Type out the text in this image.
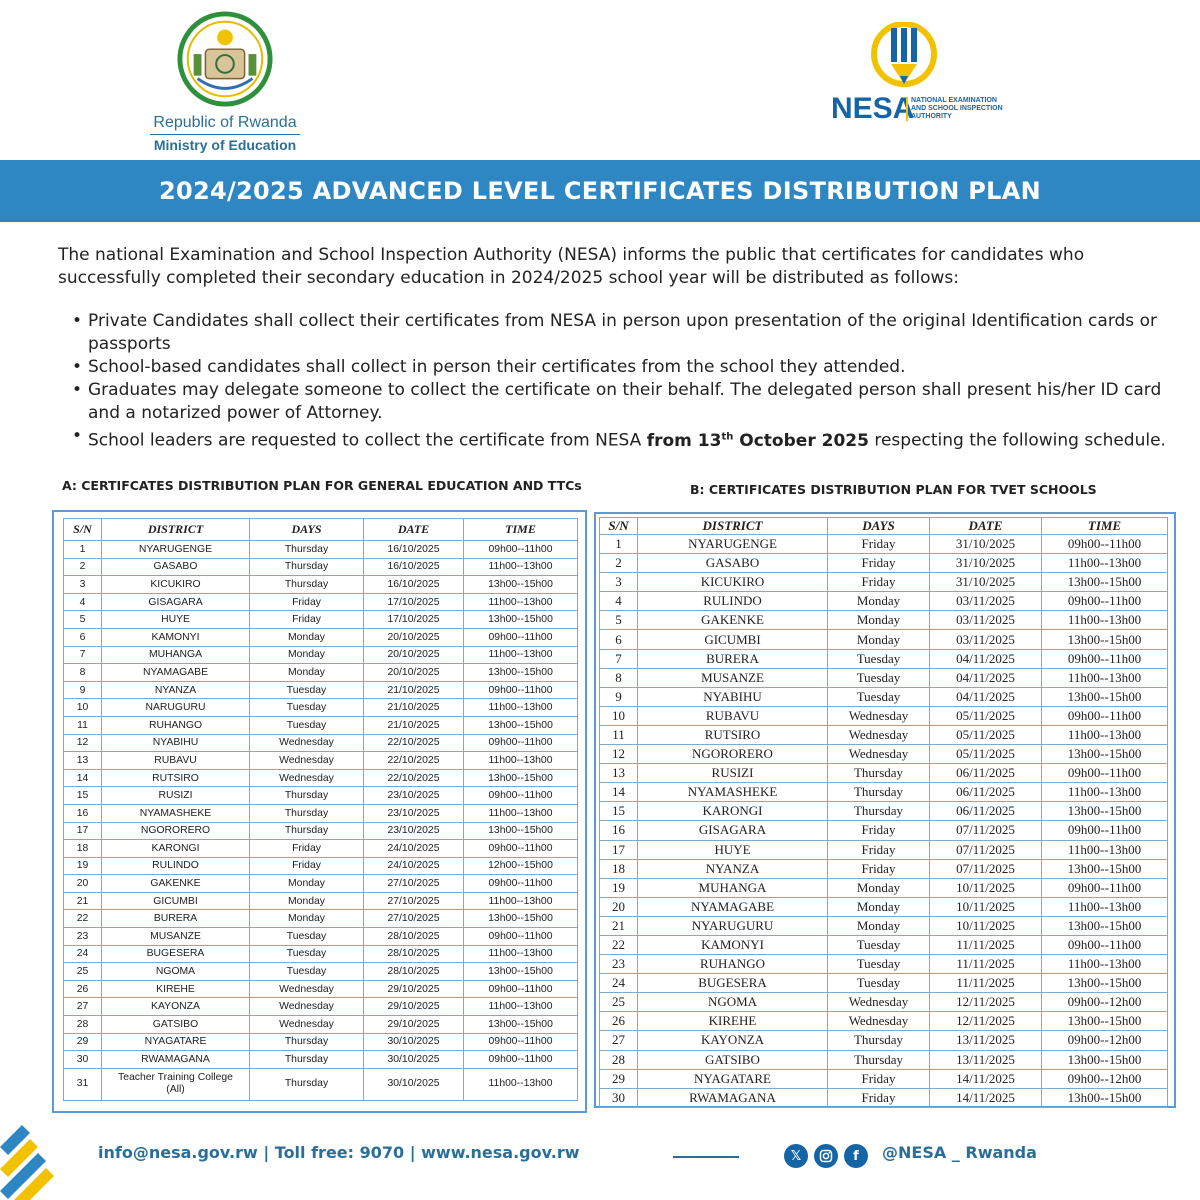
Republic of Rwanda
Ministry of Education
NESA
NATIONAL EXAMINATION
AND SCHOOL INSPECTION
AUTHORITY
2024/2025 ADVANCED LEVEL CERTIFICATES DISTRIBUTION PLAN
The national Examination and School Inspection Authority (NESA) informs the public that certificates for candidates who successfully completed their secondary education in 2024/2025 school year will be distributed as follows:
• Private Candidates shall collect their certificates from NESA in person upon presentation of the original Identification cards or passports
• School-based candidates shall collect in person their certificates from the school they attended.
• Graduates may delegate someone to collect the certificate on their behalf. The delegated person shall present his/her ID card and a notarized power of Attorney.
• School leaders are requested to collect the certificate from NESA from 13th October 2025 respecting the following schedule.
A: CERTIFCATES DISTRIBUTION PLAN FOR GENERAL EDUCATION AND TTCs
S/N	DISTRICT	DAYS	DATE	TIME
1	NYARUGENGE	Thursday	16/10/2025	09h00--11h00
2	GASABO	Thursday	16/10/2025	11h00--13h00
3	KICUKIRO	Thursday	16/10/2025	13h00--15h00
4	GISAGARA	Friday	17/10/2025	11h00--13h00
5	HUYE	Friday	17/10/2025	13h00--15h00
6	KAMONYI	Monday	20/10/2025	09h00--11h00
7	MUHANGA	Monday	20/10/2025	11h00--13h00
8	NYAMAGABE	Monday	20/10/2025	13h00--15h00
9	NYANZA	Tuesday	21/10/2025	09h00--11h00
10	NARUGURU	Tuesday	21/10/2025	11h00--13h00
11	RUHANGO	Tuesday	21/10/2025	13h00--15h00
12	NYABIHU	Wednesday	22/10/2025	09h00--11h00
13	RUBAVU	Wednesday	22/10/2025	11h00--13h00
14	RUTSIRO	Wednesday	22/10/2025	13h00--15h00
15	RUSIZI	Thursday	23/10/2025	09h00--11h00
16	NYAMASHEKE	Thursday	23/10/2025	11h00--13h00
17	NGORORERO	Thursday	23/10/2025	13h00--15h00
18	KARONGI	Friday	24/10/2025	09h00--11h00
19	RULINDO	Friday	24/10/2025	12h00--15h00
20	GAKENKE	Monday	27/10/2025	09h00--11h00
21	GICUMBI	Monday	27/10/2025	11h00--13h00
22	BURERA	Monday	27/10/2025	13h00--15h00
23	MUSANZE	Tuesday	28/10/2025	09h00--11h00
24	BUGESERA	Tuesday	28/10/2025	11h00--13h00
25	NGOMA	Tuesday	28/10/2025	13h00--15h00
26	KIREHE	Wednesday	29/10/2025	09h00--11h00
27	KAYONZA	Wednesday	29/10/2025	11h00--13h00
28	GATSIBO	Wednesday	29/10/2025	13h00--15h00
29	NYAGATARE	Thursday	30/10/2025	09h00--11h00
30	RWAMAGANA	Thursday	30/10/2025	09h00--11h00
31	Teacher Training College
(All)	Thursday	30/10/2025	11h00--13h00
B: CERTIFICATES DISTRIBUTION PLAN FOR TVET SCHOOLS
S/N	DISTRICT	DAYS	DATE	TIME
1	NYARUGENGE	Friday	31/10/2025	09h00--11h00
2	GASABO	Friday	31/10/2025	11h00--13h00
3	KICUKIRO	Friday	31/10/2025	13h00--15h00
4	RULINDO	Monday	03/11/2025	09h00--11h00
5	GAKENKE	Monday	03/11/2025	11h00--13h00
6	GICUMBI	Monday	03/11/2025	13h00--15h00
7	BURERA	Tuesday	04/11/2025	09h00--11h00
8	MUSANZE	Tuesday	04/11/2025	11h00--13h00
9	NYABIHU	Tuesday	04/11/2025	13h00--15h00
10	RUBAVU	Wednesday	05/11/2025	09h00--11h00
11	RUTSIRO	Wednesday	05/11/2025	11h00--13h00
12	NGORORERO	Wednesday	05/11/2025	13h00--15h00
13	RUSIZI	Thursday	06/11/2025	09h00--11h00
14	NYAMASHEKE	Thursday	06/11/2025	11h00--13h00
15	KARONGI	Thursday	06/11/2025	13h00--15h00
16	GISAGARA	Friday	07/11/2025	09h00--11h00
17	HUYE	Friday	07/11/2025	11h00--13h00
18	NYANZA	Friday	07/11/2025	13h00--15h00
19	MUHANGA	Monday	10/11/2025	09h00--11h00
20	NYAMAGABE	Monday	10/11/2025	11h00--13h00
21	NYARUGURU	Monday	10/11/2025	13h00--15h00
22	KAMONYI	Tuesday	11/11/2025	09h00--11h00
23	RUHANGO	Tuesday	11/11/2025	11h00--13h00
24	BUGESERA	Tuesday	11/11/2025	13h00--15h00
25	NGOMA	Wednesday	12/11/2025	09h00--12h00
26	KIREHE	Wednesday	12/11/2025	13h00--15h00
27	KAYONZA	Thursday	13/11/2025	09h00--12h00
28	GATSIBO	Thursday	13/11/2025	13h00--15h00
29	NYAGATARE	Friday	14/11/2025	09h00--12h00
30	RWAMAGANA	Friday	14/11/2025	13h00--15h00
info@nesa.gov.rw | Toll free: 9070 | www.nesa.gov.rw	𝕏	f	@NESA _ Rwanda
